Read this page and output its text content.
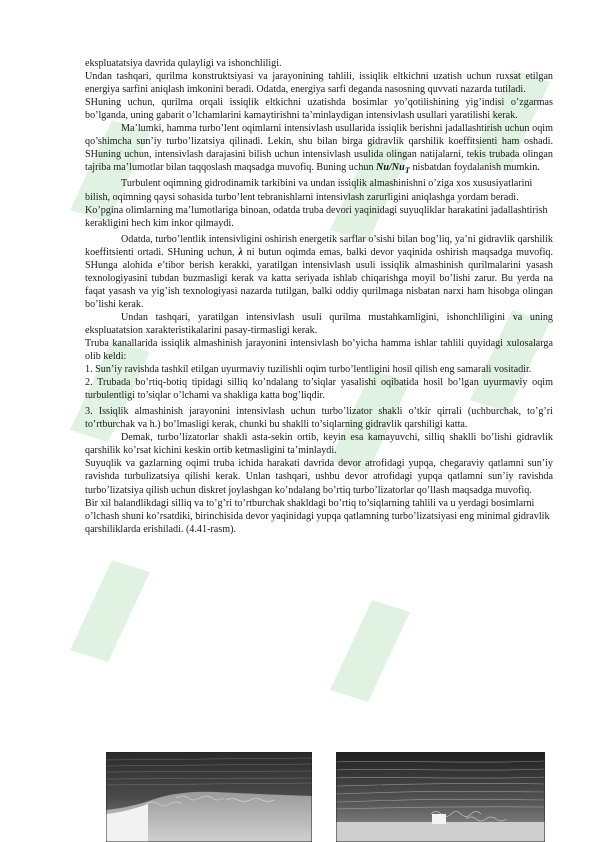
ekspluatatsiya davrida qulayligi va ishonchliligi.

Undan tashqari, qurilma konstruktsiyasi va jarayonining tahlili, issiqlik eltkichni uzatish uchun ruxsat etilgan energiya sarfini aniqlash imkonini beradi. Odatda, energiya sarfi deganda nasosning quvvati nazarda tutiladi.

SHuning uchun, qurilma orqali issiqlik eltkichni uzatishda bosimlar yo’qotilishining yig’indisi o’zgarmas bo’lganda, uning gabarit o’lchamlarini kamaytirishni ta’minlaydigan intensivlash usullari yaratilishi kerak.

Ma’lumki, hamma turbo’lent oqimlarni intensivlash usullarida issiqlik berishni jadallashtirish uchun oqim qo’shimcha sun’iy turbo’lizatsiya qilinadi. Lekin, shu bilan birga gidravlik qarshilik koeffitsienti ham oshadi. SHuning uchun, intensivlash darajasini bilish uchun intensivlash usulida olingan natijalarni, tekis trubada olingan tajriba ma’lumotlar bilan taqqoslash maqsadga muvofiq. Buning uchun $Nu/Nu_T$ nisbatdan foydalanish mumkin.

Turbulent oqimning gidrodinamik tarkibini va undan issiqlik almashinishni o’ziga xos xususiyatlarini bilish, oqimning qaysi sohasida turbo’lent tebranishlarni intensivlash zarurligini aniqlashga yordam beradi. Ko’pgina olimlarning ma’lumotlariga binoan, odatda truba devori yaqinidagi suyuqliklar harakatini jadallashtirish kerakligini hech kim inkor qilmaydi.

Odatda, turbo’lentlik intensivligini oshirish energetik sarflar o’sishi bilan bog’liq, ya’ni gidravlik qarshilik koeffitsienti ortadi. SHuning uchun, λ ni butun oqimda emas, balki devor yaqinida oshirish maqsadga muvofiq. SHunga alohida e’tibor berish kerakki, yaratilgan intensivlash usuli issiqlik almashinish qurilmalarini yasash texnologiyasini tubdan buzmasligi kerak va katta seriyada ishlab chiqarishga moyil bo’lishi zarur. Bu yerda na faqat yasash va yig’ish texnologiyasi nazarda tutilgan, balki oddiy qurilmaga nisbatan narxi ham hisobga olingan bo’lishi kerak.

Undan tashqari, yaratilgan intensivlash usuli qurilma mustahkamligini, ishonchliligini va uning ekspluatatsion xarakteristikalarini pasay-tirmasligi kerak.

Truba kanallarida issiqlik almashinish jarayonini intensivlash bo’yicha hamma ishlar tahlili quyidagi xulosalarga olib keldi:

1. Sun’iy ravishda tashkil etilgan uyurmaviy tuzilishli oqim turbo’lentligini hosil qilish eng samarali vositadir.

2. Trubada bo’rtiq-botiq tipidagi silliq ko’ndalang to’siqlar yasalishi oqibatida hosil bo’lgan uyurmaviy oqim turbulentligi to’siqlar o’lchami va shakliga katta bog’liqdir.

3. Issiqlik almashinish jarayonini intensivlash uchun turbo’lizator shakli o’tkir qirrali (uchburchak, to’g’ri to’rtburchak va h.) bo’lmasligi kerak, chunki bu shaklli to’siqlarning gidravlik qarshiligi katta.

Demak, turbo’lizatorlar shakli asta-sekin ortib, keyin esa kamayuvchi, silliq shaklli bo’lishi gidravlik qarshilik ko’rsat kichini keskin ortib ketmasligini ta’minlaydi.

Suyuqlik va gazlarning oqimi truba ichida harakati davrida devor atrofidagi yupqa, chegaraviy qatlamni sun’iy ravishda turbulizatsiya qilishi kerak. Unlan tashqari, ushbu devor atrofidagi yupqa qatlamni sun’iy ravishda turbo’lizatsiya qilish uchun diskret joylashgan ko’ndalang bo’rtiq turbo’lizatorlar qo’llash maqsadga muvofiq.

Bir xil balandlikdagi silliq va to’g’ri to’rtburchak shakldagi bo’rtiq to’siqlarning tahlili va u yerdagi bosimlarni o’lchash shuni ko’rsatdiki, birinchisida devor yaqinidagi yupqa qatlamning turbo’lizatsiyasi eng minimal gidravlik qarshiliklarda erishiladi. (4.41-rasm).
